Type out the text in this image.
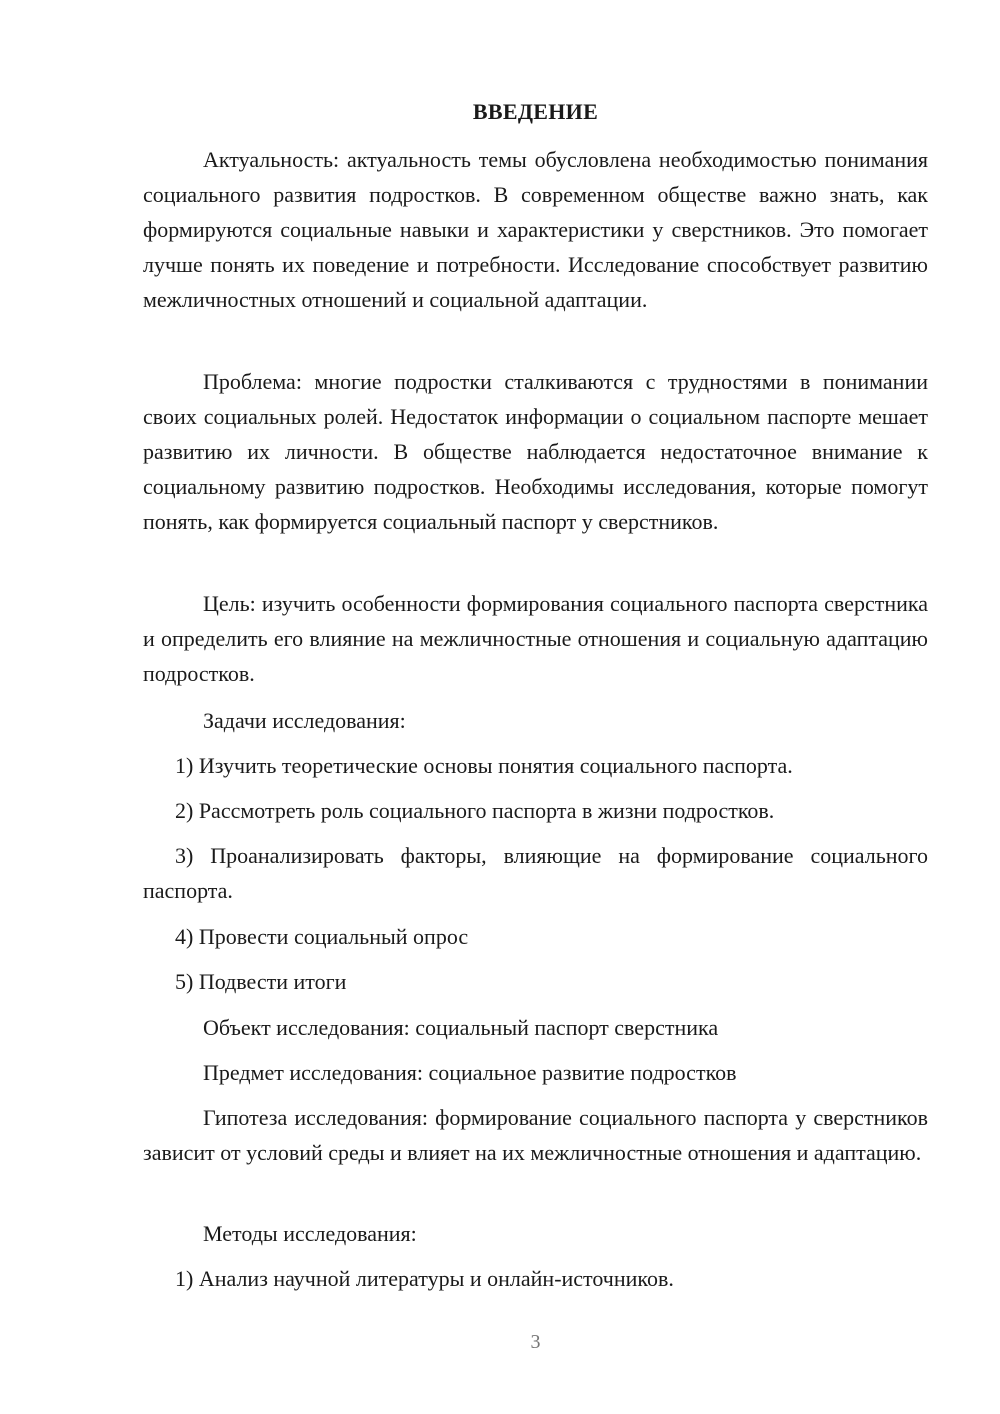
ВВЕДЕНИЕ

Актуальность: актуальность темы обусловлена необходимостью понимания социального развития подростков. В современном обществе важно знать, как формируются социальные навыки и характеристики у сверстников. Это помогает лучше понять их поведение и потребности. Исследование способствует развитию межличностных отношений и социальной адаптации.

Проблема: многие подростки сталкиваются с трудностями в понимании своих социальных ролей. Недостаток информации о социальном паспорте мешает развитию их личности. В обществе наблюдается недостаточное внимание к социальному развитию подростков. Необходимы исследования, которые помогут понять, как формируется социальный паспорт у сверстников.

Цель: изучить особенности формирования социального паспорта сверстника и определить его влияние на межличностные отношения и социальную адаптацию подростков.

Задачи исследования:

1) Изучить теоретические основы понятия социального паспорта.

2) Рассмотреть роль социального паспорта в жизни подростков.

3) Проанализировать факторы, влияющие на формирование социального паспорта.

4) Провести социальный опрос

5) Подвести итоги

Объект исследования: социальный паспорт сверстника

Предмет исследования: социальное развитие подростков

Гипотеза исследования: формирование социального паспорта у сверстников зависит от условий среды и влияет на их межличностные отношения и адаптацию.

Методы исследования:

1) Анализ научной литературы и онлайн-источников.

3
